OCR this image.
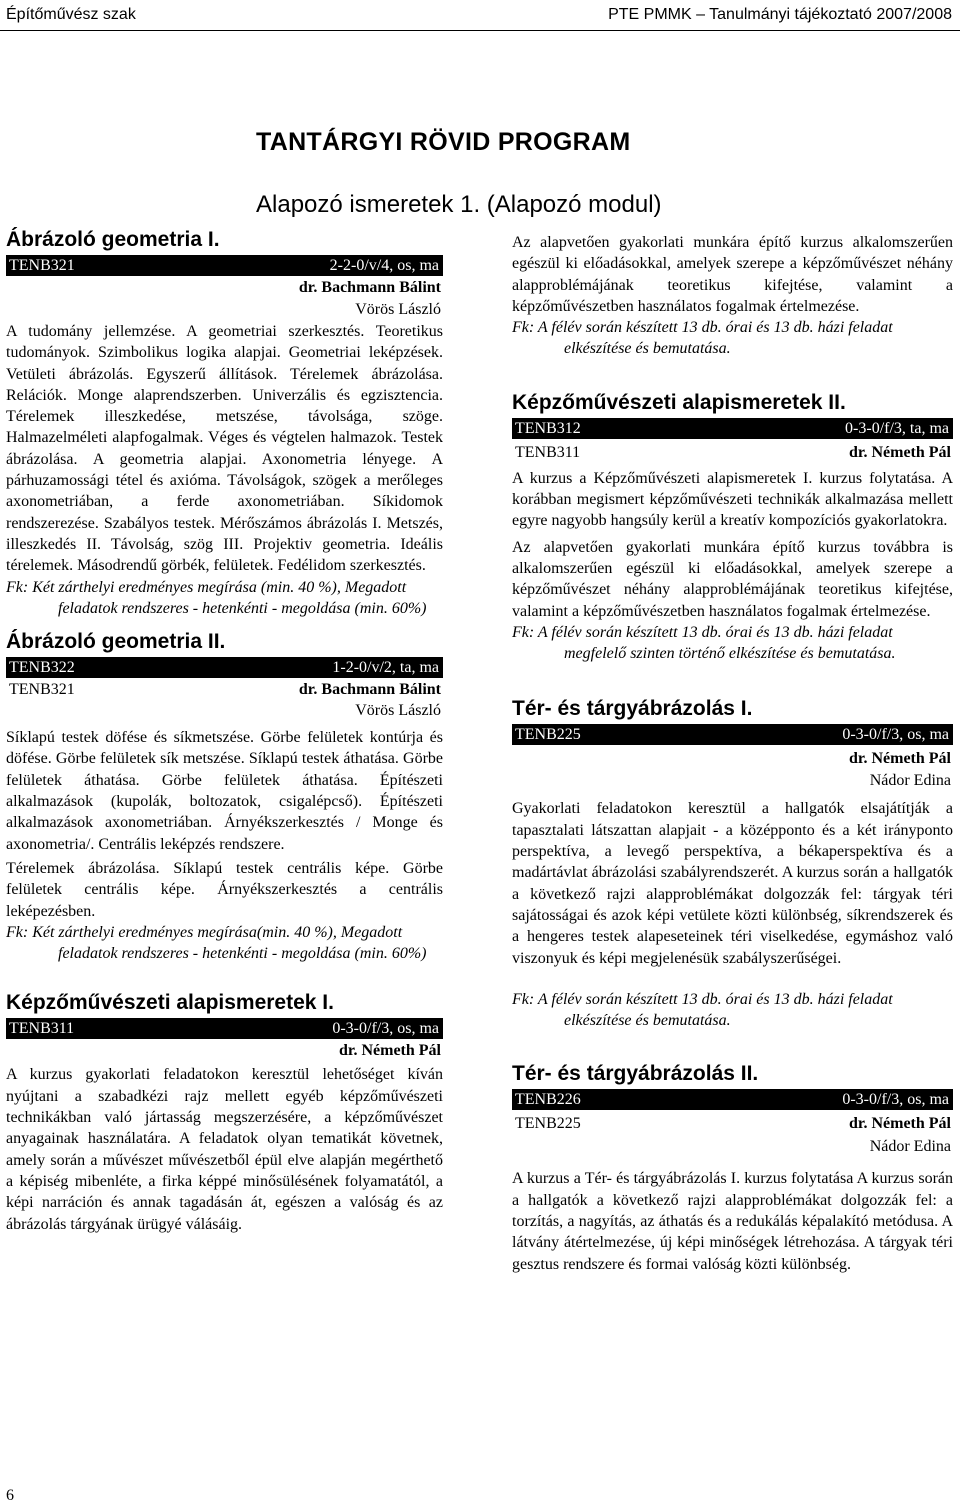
Építőművész szak	PTE PMMK – Tanulmányi tájékoztató 2007/2008
TANTÁRGYI RÖVID PROGRAM
Alapozó ismeretek 1. (Alapozó modul)
Ábrázoló geometria I.
TENB321	2-2-0/v/4, os, ma
dr. Bachmann Bálint
Vörös László

A tudomány jellemzése. A geometriai szerkesztés. Teoretikus tudományok. Szimbolikus logika alapjai. Geometriai leképzések. Vetületi ábrázolás. Egyszerű állítások. Térelemek ábrázolása. Relációk. Monge alaprendszerben. Univerzális és egzisztencia. Térelemek illeszkedése, metszése, távolsága, szöge. Halmazelméleti alapfogalmak. Véges és végtelen halmazok. Testek ábrázolása. A geometria alapjai. Axonometria lényege. A párhuzamossági tétel és axióma. Távolságok, szögek a merőleges axonometriában, a ferde axonometriában. Síkidomok rendszerezése. Szabályos testek. Mérőszámos ábrázolás I. Metszés, illeszkedés II. Távolság, szög III. Projektiv geometria. Ideális térelemek. Másodrendű görbék, felületek. Fedélidom szerkesztés.

Fk: Két zárthelyi eredményes megírása (min. 40 %), Megadott feladatok rendszeres - hetenkénti - megoldása (min. 60%)

Ábrázoló geometria II.
TENB322	1-2-0/v/2, ta, ma
TENB321	dr. Bachmann Bálint
Vörös László

Síklapú testek döfése és síkmetszése. Görbe felületek kontúrja és döfése. Görbe felületek sík metszése. Síklapú testek áthatása. Görbe felületek áthatása. Görbe felületek áthatása. Építészeti alkalmazások (kupolák, boltozatok, csigalépcső). Építészeti alkalmazások axonometriában. Árnyékszerkesztés / Monge és axonometria/. Centrális leképzés rendszere.

Térelemek ábrázolása. Síklapú testek centrális képe. Görbe felületek centrális képe. Árnyékszerkesztés a centrális leképezésben.

Fk: Két zárthelyi eredményes megírása(min. 40 %), Megadott feladatok rendszeres - hetenkénti - megoldása (min. 60%)

Képzőművészeti alapismeretek I.
TENB311	0-3-0/f/3, os, ma
dr. Németh Pál

A kurzus gyakorlati feladatokon keresztül lehetőséget kíván nyújtani a szabadkézi rajz mellett egyéb képzőművészeti technikákban való jártasság megszerzésére, a képzőművészet anyagainak használatára. A feladatok olyan tematikát követnek, amely során a művészet művészetből épül elve alapján megérthető a képiség mibenléte, a firka képpé minősülésének folyamatától, a képi narráción és annak tagadásán át, egészen a valóság és az ábrázolás tárgyának ürügyé válásáig.

Az alapvetően gyakorlati munkára építő kurzus alkalomszerűen egészül ki előadásokkal, amelyek szerepe a képzőművészet néhány alapproblémájának teoretikus kifejtése, valamint a képzőművészetben használatos fogalmak értelmezése.

Fk: A félév során készített 13 db. órai és 13 db. házi feladat elkészítése és bemutatása.

Képzőművészeti alapismeretek II.
TENB312	0-3-0/f/3, ta, ma
TENB311	dr. Németh Pál

A kurzus a Képzőművészeti alapismeretek I. kurzus folytatása. A korábban megismert képzőművészeti technikák alkalmazása mellett egyre nagyobb hangsúly kerül a kreatív kompozíciós gyakorlatokra.

Az alapvetően gyakorlati munkára építő kurzus továbbra is alkalomszerűen egészül ki előadásokkal, amelyek szerepe a képzőművészet néhány alapproblémájának teoretikus kifejtése, valamint a képzőművészetben használatos fogalmak értelmezése.

Fk: A félév során készített 13 db. órai és 13 db. házi feladat megfelelő szinten történő elkészítése és bemutatása.

Tér- és tárgyábrázolás I.
TENB225	0-3-0/f/3, os, ma
dr. Németh Pál
Nádor Edina

Gyakorlati feladatokon keresztül a hallgatók elsajátítják a tapasztalati látszattan alapjait - a középponto és a két irányponto perspektíva, a levegő perspektíva, a békaperspektíva és a madártávlat ábrázolási szabályrendszerét. A kurzus során a hallgatók a következő rajzi alapproblémákat dolgozzák fel: tárgyak téri sajátosságai és azok képi vetülete közti különbség, síkrendszerek és a hengeres testek alapeseteinek téri viselkedése, egymáshoz való viszonyuk és képi megjelenésük szabályszerűségei.

Fk: A félév során készített 13 db. órai és 13 db. házi feladat elkészítése és bemutatása.

Tér- és tárgyábrázolás II.
TENB226	0-3-0/f/3, os, ma
TENB225	dr. Németh Pál
Nádor Edina

A kurzus a Tér- és tárgyábrázolás I. kurzus folytatása A kurzus során a hallgatók a következő rajzi alapproblémákat dolgozzák fel: a torzítás, a nagyítás, az áthatás és a redukálás képalakító metódusa. A látvány átértelmezése, új képi minőségek létrehozása. A tárgyak téri gesztus rendszere és formai valóság közti különbség.

6
